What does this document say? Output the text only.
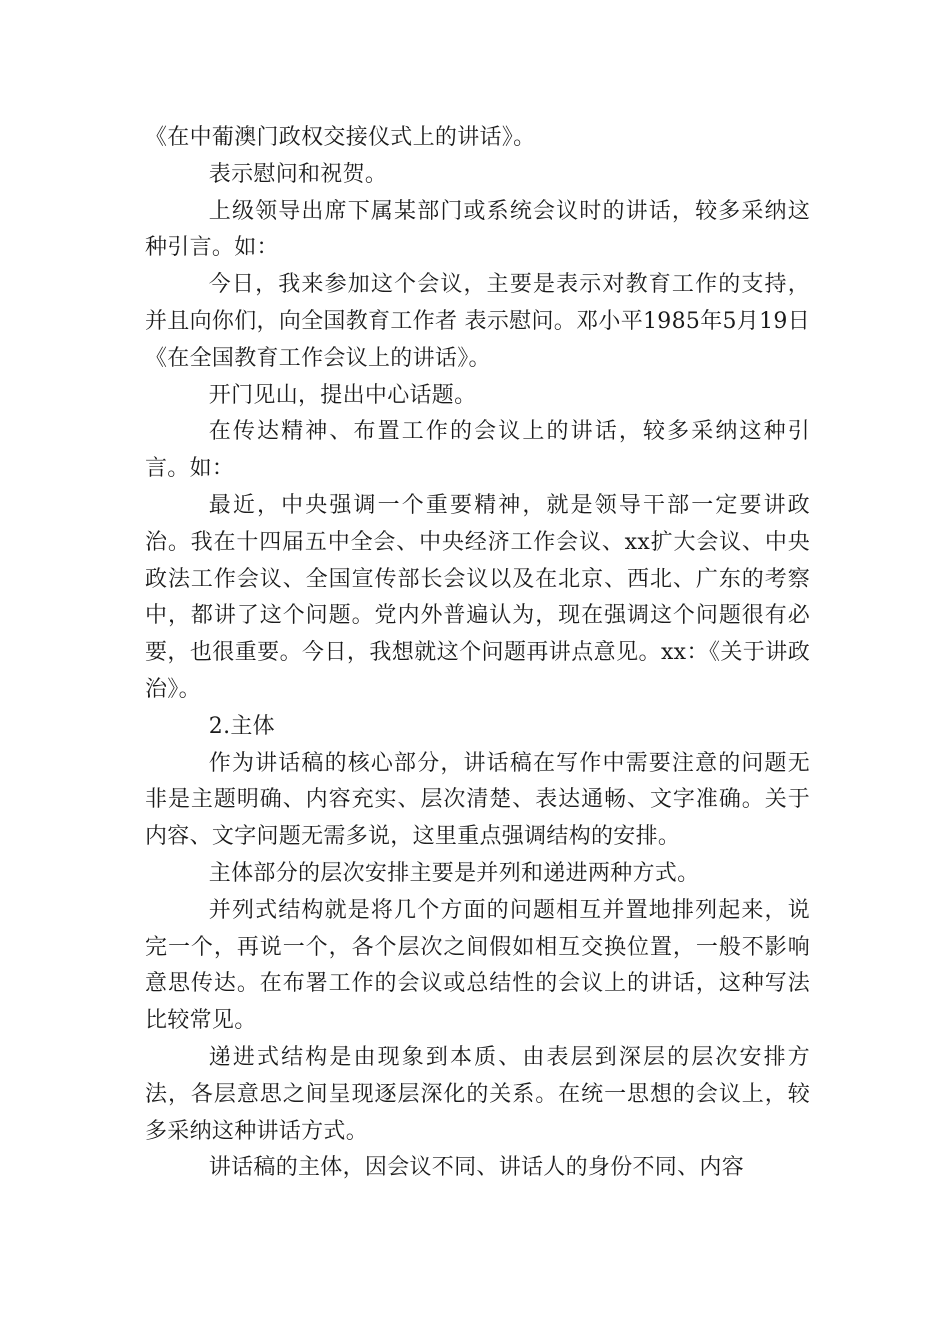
《在中葡澳门政权交接仪式上的讲话》。

表示慰问和祝贺。

上级领导出席下属某部门或系统会议时的讲话，较多采纳这种引言。如：

今日，我来参加这个会议，主要是表示对教育工作的支持，并且向你们，向全国教育工作者 表示慰问。邓小平1985年5月19日《在全国教育工作会议上的讲话》。

开门见山，提出中心话题。

在传达精神、布置工作的会议上的讲话，较多采纳这种引言。如：

最近，中央强调一个重要精神，就是领导干部一定要讲政治。我在十四届五中全会、中央经济工作会议、xx扩大会议、中央政法工作会议、全国宣传部长会议以及在北京、西北、广东的考察中，都讲了这个问题。党内外普遍认为，现在强调这个问题很有必要，也很重要。今日，我想就这个问题再讲点意见。xx：《关于讲政治》。

2.主体

作为讲话稿的核心部分，讲话稿在写作中需要注意的问题无非是主题明确、内容充实、层次清楚、表达通畅、文字准确。关于内容、文字问题无需多说，这里重点强调结构的安排。

主体部分的层次安排主要是并列和递进两种方式。

并列式结构就是将几个方面的问题相互并置地排列起来，说完一个，再说一个，各个层次之间假如相互交换位置，一般不影响意思传达。在布署工作的会议或总结性的会议上的讲话，这种写法比较常见。

递进式结构是由现象到本质、由表层到深层的层次安排方法，各层意思之间呈现逐层深化的关系。在统一思想的会议上，较多采纳这种讲话方式。

讲话稿的主体，因会议不同、讲话人的身份不同、内容
